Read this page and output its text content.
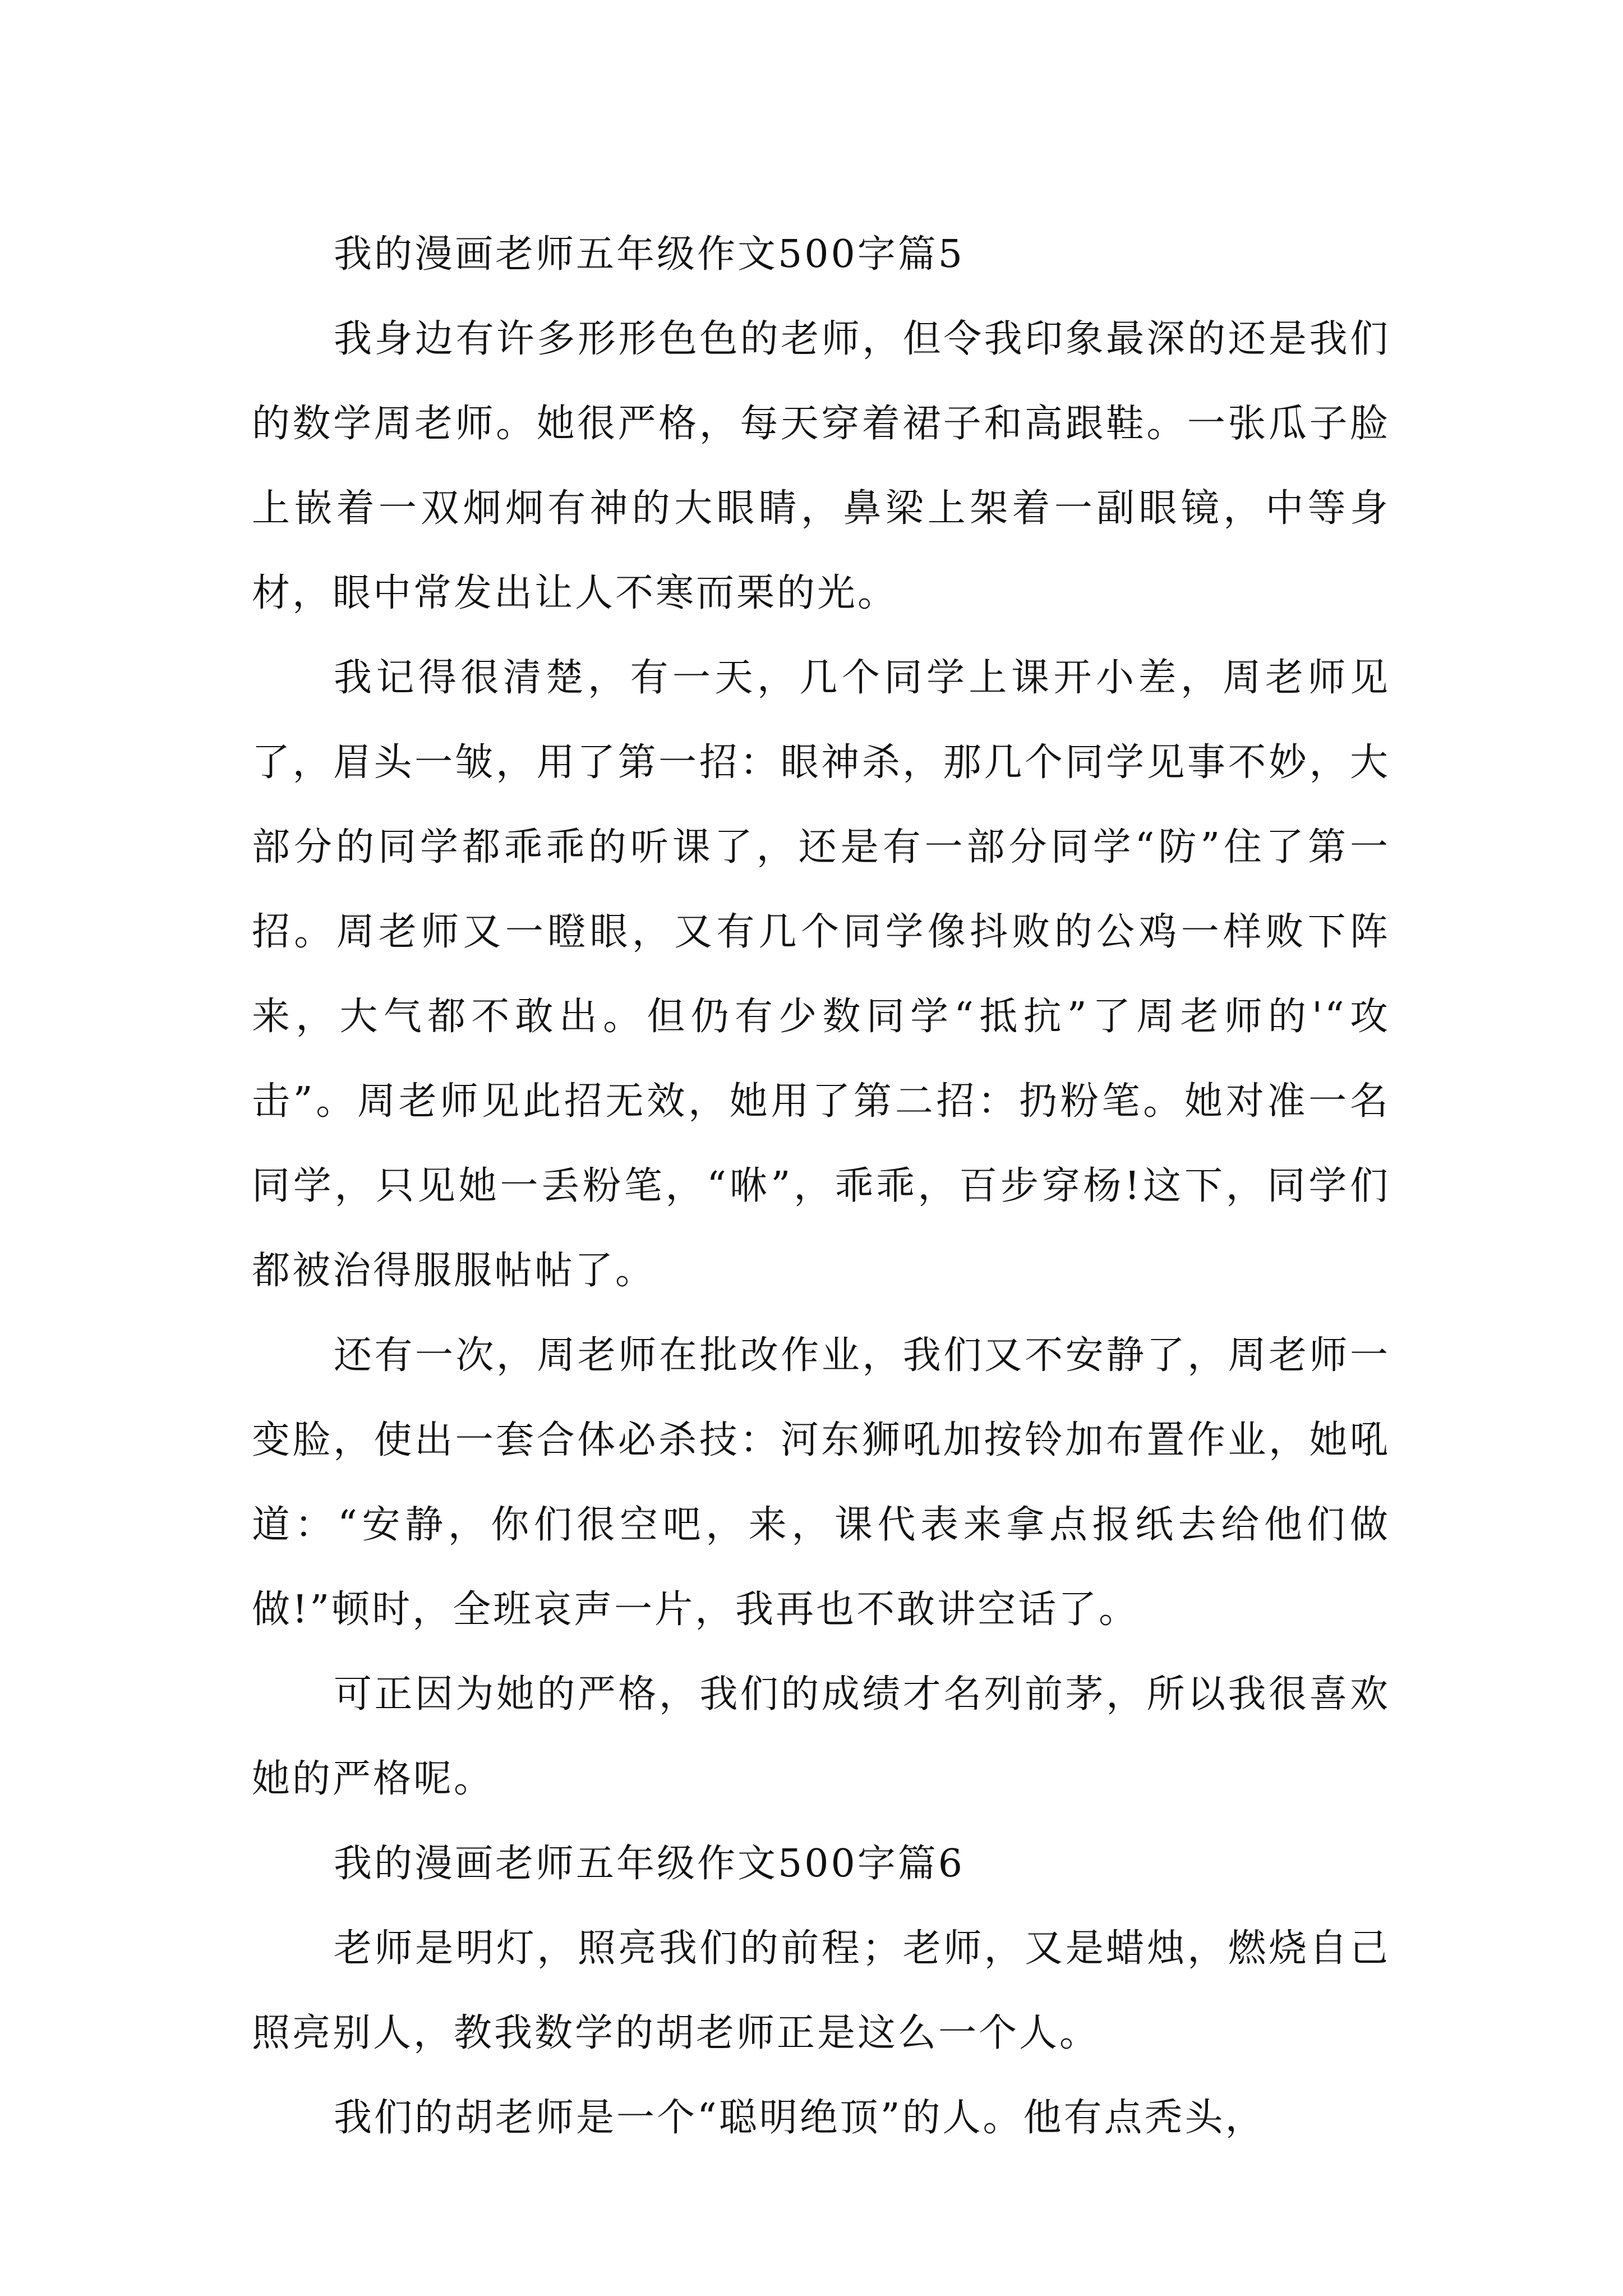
我的漫画老师五年级作文500字篇5

我身边有许多形形色色的老师，但令我印象最深的还是我们的数学周老师。她很严格，每天穿着裙子和高跟鞋。一张瓜子脸上嵌着一双炯炯有神的大眼睛，鼻梁上架着一副眼镜，中等身材，眼中常发出让人不寒而栗的光。

我记得很清楚，有一天，几个同学上课开小差，周老师见了，眉头一皱，用了第一招：眼神杀，那几个同学见事不妙，大部分的同学都乖乖的听课了，还是有一部分同学“防”住了第一招。周老师又一瞪眼，又有几个同学像抖败的公鸡一样败下阵来，大气都不敢出。但仍有少数同学“抵抗”了周老师的'“攻击”。周老师见此招无效，她用了第二招：扔粉笔。她对准一名同学，只见她一丢粉笔，“咻”，乖乖，百步穿杨!这下，同学们都被治得服服帖帖了。

还有一次，周老师在批改作业，我们又不安静了，周老师一变脸，使出一套合体必杀技：河东狮吼加按铃加布置作业，她吼道：“安静，你们很空吧，来，课代表来拿点报纸去给他们做做!”顿时，全班哀声一片，我再也不敢讲空话了。

可正因为她的严格，我们的成绩才名列前茅，所以我很喜欢她的严格呢。

我的漫画老师五年级作文500字篇6

老师是明灯，照亮我们的前程；老师，又是蜡烛，燃烧自己照亮别人，教我数学的胡老师正是这么一个人。

我们的胡老师是一个“聪明绝顶”的人。他有点秃头，
